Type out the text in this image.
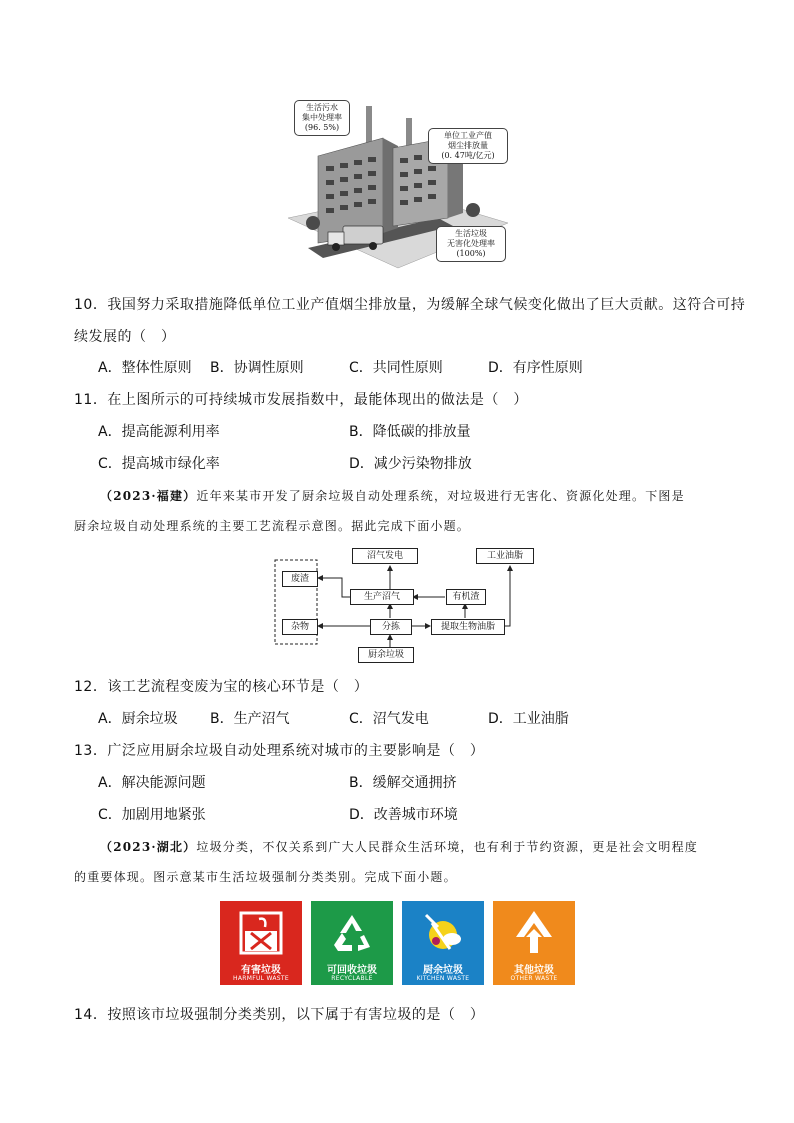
生活污水
集中处理率
(96. 5%)
单位工业产值
烟尘排放量
(0. 47吨/亿元)
生活垃圾
无害化处理率
(100%)
10．我国努力采取措施降低单位工业产值烟尘排放量，为缓解全球气候变化做出了巨大贡献。这符合可持
续发展的（　）
A．整体性原则 B．协调性原则	C．共同性原则	D．有序性原则
11．在上图所示的可持续城市发展指数中，最能体现出的做法是（　）
A．提高能源利用率	B．降低碳的排放量
C．提高城市绿化率	D．减少污染物排放
（2023·福建）近年来某市开发了厨余垃圾自动处理系统，对垃圾进行无害化、资源化处理。下图是
厨余垃圾自动处理系统的主要工艺流程示意图。据此完成下面小题。
沼气发电	工业油脂
废渣
生产沼气	有机渣
杂物	分拣	提取生物油脂
厨余垃圾
12．该工艺流程变废为宝的核心环节是（　）
A．厨余垃圾 B．生产沼气	C．沼气发电	D．工业油脂
13．广泛应用厨余垃圾自动处理系统对城市的主要影响是（　）
A．解决能源问题	B．缓解交通拥挤
C．加剧用地紧张	D．改善城市环境
（2023·湖北）垃圾分类，不仅关系到广大人民群众生活环境，也有利于节约资源，更是社会文明程度
的重要体现。图示意某市生活垃圾强制分类类别。完成下面小题。
有害垃圾
HARMFUL WASTE
可回收垃圾
RECYCLABLE
厨余垃圾
KITCHEN WASTE
其他垃圾
OTHER WASTE
14．按照该市垃圾强制分类类别，以下属于有害垃圾的是（　）
